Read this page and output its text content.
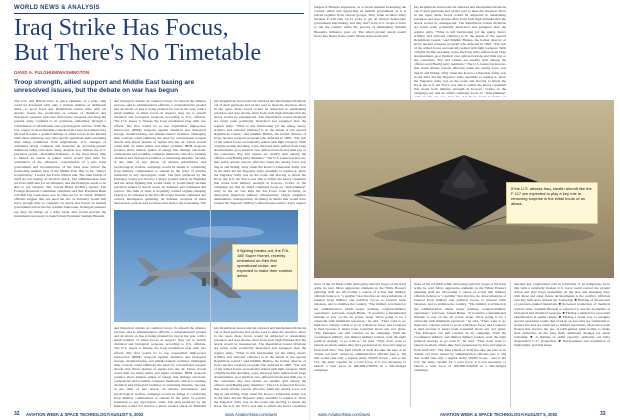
WORLD NEWS & ANALYSIS
Iraq Strike Has Focus,
But There's No Timetable
DAVID A. FULGHUM/WASHINGTON
Troop strength, allied support and Middle East basing are
unresolved issues, but the debate on war has begun
The U.S. and Britain have in place elements of a plan—that could be detonated with only a modest number of additional allies—to goad Iraq's key Republican Guard units with air attacks, freeze the production or release of chemical and biological weapons with new microwave weapons and hang the popular army confined to its garrisons, unharmed, through a combination of information and psychological warfare. With the U.S. repeat of those Kurdish-controlled air bases in northern Iraq allowed flooded, a gradual buildup of allied forces in the Persian Gulf states underway, key elite special operations units retraining after being withdrawn from Afghanistan, U.S. changes of command nearly complete and intensive air precision-guided munitions being restocked, many analysts now believe the U.S. precision period—December-February—is the most likely time to launch an attack. A winter attack would give time for completion of the offensive, consolidation of a new Iraqi government and reconstruction of the Iraqi state before the foreboding summer heat of the Middle East. But so far, "there's no timetable," a senior Air Force official said. The Joint Chiefs of Staff are not buying an October attack. The administration does not have sufficient for an offensive, and the Pentagon needs to be able to say surprise. Sen. Joseph Biden (D-Del.) agreed. The Foreign Relations Committee chairman said that President Bush told him last week there was no time set for an attack. Military officials suggest that one need the law as February would still leave enough time to complete an attack and install an interim government before the hot weather intervenes. Pentagon planners say they are things on a daily basis, that would provide the instruments necessary to launch Iraqi President Saddam Hussein.
and biological attacks on coalition forces. To smooth the alliance process, said to administration officials, a comprehensive ground and air attack on Iraq is being planned for late in the year, with a small number of allied forces in support. they are to launch chemical and biological weapons, according to U.S. officials. The U.S. hopes to finesse the Iraqi totalitarian plan with two efforts. The first would be to use expendable high-power microwave (HPM) weapons against chemical and biological storage, manufacturing and missile-launch facilities. Damaging their controls could eliminate the need for conventional weapon attacks that throw plumes of agents into the air. Those clouds could drift for many miles and injure civilians. HPM weapons produce short, intense spikes of energy that damage electronic components and scramble computer memories critical to running chemical and biological facilities or launching missiles. Second, at the time of any attack, an intense information and psychological warfare campaign would be aimed at convincing Iraqi military commanders to remain in the point of passive resistance to any apocalyptic order. The plan preferred by the Pentagon would not involve a major ground attack on Baghdad and the urban fighting that would result. It would likely include precision strikes to knock down air defenses and command and control. The bulk of what is hopefully termed regime-changing targets to be attacked in the first 90 would include command and control, intelligence gathering, air defense, weapons of mass destruction, palaces and locations that harbor the leadership. The
If fighting breaks out, the F/A-18E Super Hornet, recently embarked on their first operational cruise, are expected to make their combat debut.
and biological attacks on coalition forces. To smooth the alliance process, said to administration officials, a comprehensive ground and air attack on Iraq is being planned for late in the year, with a small number of allied forces in support. they are to launch chemical and biological weapons, according to U.S. officials. The U.S. hopes to finesse the Iraqi totalitarian plan with two efforts. The first would be to use expendable high-power microwave (HPM) weapons against chemical and biological storage, manufacturing and missile-launch facilities. Damaging their controls could eliminate the need for conventional weapon attacks that throw plumes of agents into the air. Those clouds could drift for many miles and injure civilians. HPM weapons produce short, intense spikes of energy that damage electronic components and scramble computer memories critical to running chemical and biological facilities or launching missiles. Second, at the time of any attack, an intense information and psychological warfare campaign would be aimed at convincing Iraqi military commanders to remain in the point of passive resistance to any apocalyptic order. The plan preferred by the Pentagon would not involve a major ground attack on Baghdad
key Republican Guard and six armored and mechanized divisions out of their garrisons and on the road to meet the invasion. Once in the open, these forces would be subjected to unrelenting precision and area attacks often from such high altitudes that the attack would be unsuspected. The Republican Guard divisions are better paid, politically motivated and equipped than the regular army. "What is left functioning [of the units], heavy artillery and armored vehicles] is in the hands of the special Republican Guard," said Khidhir Hamza, the former director of Iraq's nuclear weapons program who defected in 1995. "The rest of the armed forces are basically armed with light weapons. With a highly mobile attacking corps, the Iraqi army suffers from large abandonment, poor medical care, pilfered rations and little pay or the conscripts. Pay and rations are usually split among the officers and [Baath] party members." The U.S. learned in Kosovo that aerial attacks weren't effective when the enemy force was dug in and hiding. Only when the Kosovo Liberation Army was in the field did the Yugoslav army assemble to repulse it. Once the Yugoslav army was on the roads and moving to attack the KLA, the U.S. Air Force was able to inflict the heavy casualties that broke both military strength in Kosovo. Critics of the campaign say that an allied command focus on "tank-plinking" early in the air war kept the Air Force from focusing on destroying important military infrastructure targets (supplies, ammunition, transportation, facilities) in Serbia that would have broken the Yugoslav military's effectiveness earlier. Iraq's regular
key Republican Guard and six armored and mechanized divisions out of their garrisons and on the road to meet the invasion. Once in the open, these forces would be subjected to unrelenting precision and area attacks often from such high altitudes that the attack would be unsuspected. The Republican Guard divisions are better paid, politically motivated and equipped than the regular army. "What is left functioning [of the units], heavy artillery and armored vehicles] is in the hands of the special Republican Guard," said Khidhir Hamza, the former director of Iraq's nuclear weapons program who defected in 1995. "The rest of the armed forces are basically armed with light weapons. With a highly mobile attacking corps, the Iraqi army suffers from large abandonment, poor medical care, pilfered rations and little pay or the conscripts. Pay and rations are usually split among the officers and [Baath] party members." The U.S. learned in Kosovo that aerial attacks weren't effective when the enemy force was dug in and hiding. Only when the Kosovo Liberation Army was in the field did the Yugoslav army assemble to repulse it. Once the Yugoslav army was on the roads and moving to attack the KLA, the U.S. Air Force was able to inflict the heavy casualties
purged of Hussein supporters, as a crucial element in keeping the country stable and supporting an interim government as it is pieced together from various groups. They value an intact army because it will take 10-12 years to get an elected democratic government functioning, and they don't want U.S. troops to have to run the country while the process of eliminating Saddam Hussein's influence goes on. The allied ground attack would move into Basra in the south, Mosul in the north and
key Republican Guard and six armored and mechanized divisions out of their garrisons and on the road to meet the invasion. Once in the open, these forces would be subjected to unrelenting precision and area attacks often from such high altitudes that the attack would be unsuspected. The Republican Guard divisions are better paid, politically motivated and equipped than the regular army. "What is left functioning [of the units], heavy artillery and armored vehicles] is in the hands of the special Republican Guard," said Khidhir Hamza, the former director of Iraq's nuclear weapons program who defected in 1995. "The rest of the armed forces are basically armed with light weapons. With a highly mobile attacking corps, the Iraqi army suffers from large abandonment, poor medical care, pilfered rations and little pay or the conscripts. Pay and rations are usually split among the officers and [Baath] party members." The U.S. learned in Kosovo that aerial attacks weren't effective when the enemy force was dug in and hiding. Only when the Kosovo Liberation Army was in the field did the Yugoslav army assemble to repulse it. Once the Yugoslav army was on the roads and moving to attack the KLA, the U.S. Air Force was able to inflict the heavy casualties that broke both military strength in Kosovo. Critics of the campaign say that an allied command focus on "tank-plinking"
If the U.S. attacks Iraq, stealth aircraft like the F-117 are expected to play a key role in removing surprise in the initial hours of an attack.
more of the oil fields while destroying selected troops of the Iraqi army, he said. More aggressive elements in the White House's planning staff are advocating a course of action that military officials believe is "a gamble" that involves no more infusions of internal Iraqi military and political forces to prevent trade balances, and to stabilize the country. "The military is irritated at the administration which keeps pushing congress/military operations," said Gen. Joseph Biden. "It would be a fundamental mistake to rely on the air power alone. We're going to be a cakewalk with minimum resources," he said. "They want to go right now. Cheney wants to go in with more force; and Congress is mad because it hasn't been consulted about any war plans. "The Pentagon can still conduct an air campaign. With the coordinated military and limited military leaders want the right political strategy to go with it," he said. "They don't want to launch an attack unless they have persuasion by Iraq and support from Gulf War." The Joint Chiefs of Staff also like the idea of an "inside out plan" meant by administration officials (see p. 56) that would take only a regular Army 50,000 troops - and to the U.S. the army capable for a total force, it is not necessary to launch a total force of 200,000-250,000 in a full-fledged campaign.
more of the oil fields while destroying selected troops of the Iraqi army, he said. More aggressive elements in the White House's planning staff are advocating a course of action that military officials believe is "a gamble" that involves no more infusions of internal Iraqi military and political forces to prevent trade balances, and to stabilize the country. "The military is irritated at the administration which keeps pushing congress/military operations," said Gen. Joseph Biden. "It would be a fundamental mistake to rely on the air power alone. We're going to be a cakewalk with minimum resources," he said. "They want to go right now. Cheney wants to go in with more force; and Congress is mad because it hasn't been consulted about any war plans. "The Pentagon can still conduct an air campaign. With the coordinated military and limited military leaders want the right political strategy to go with it," he said. "They don't want to launch an attack unless they have persuasion by Iraq and support from Gulf War." The Joint Chiefs of Staff also like the idea of an "inside out plan" meant by administration officials (see p. 56) that would take only a regular Army 50,000 troops - and to the U.S. the army capable for a total force, it is not necessary to launch a total force of 200,000-250,000 in a full-fledged campaign.
Another key requirement will be formation of an indigenous force that with a relatively modest U.S. force could control the ground action and give Iraq's leadership. In the new and emerging Iraq, with these and other future developments is the conflict. Officials said key indicators include the following: ■ Buildup of inventories of precision-guided munitions. ■ Increased production of chemical warfare suits. Saddam Hussein is expected to use his stockpiles of biological and chemical weapons. ■ Finding a method for personnel identification at useful ranges. ■ Finding a better way to resupply special operations teams that work in an area that are vulnerable to ground fire and are restricted to limited operations. Ideas have been floated that involve the use of GPS-guided glide bombs to make such deliveries. In the long term, additional changes are about including: ■ A buildup of airlift capacity, primarily our fully modernized C-17 production. ■ Development and acquisition of lightweight, portable bases.
32 AVIATION WEEK & SPACE TECHNOLOGY/AUGUST 5, 2002	www.AviationNow.com/awst	www.AviationNow.com/awst	AVIATION WEEK & SPACE TECHNOLOGY/AUGUST 5, 2002	33
